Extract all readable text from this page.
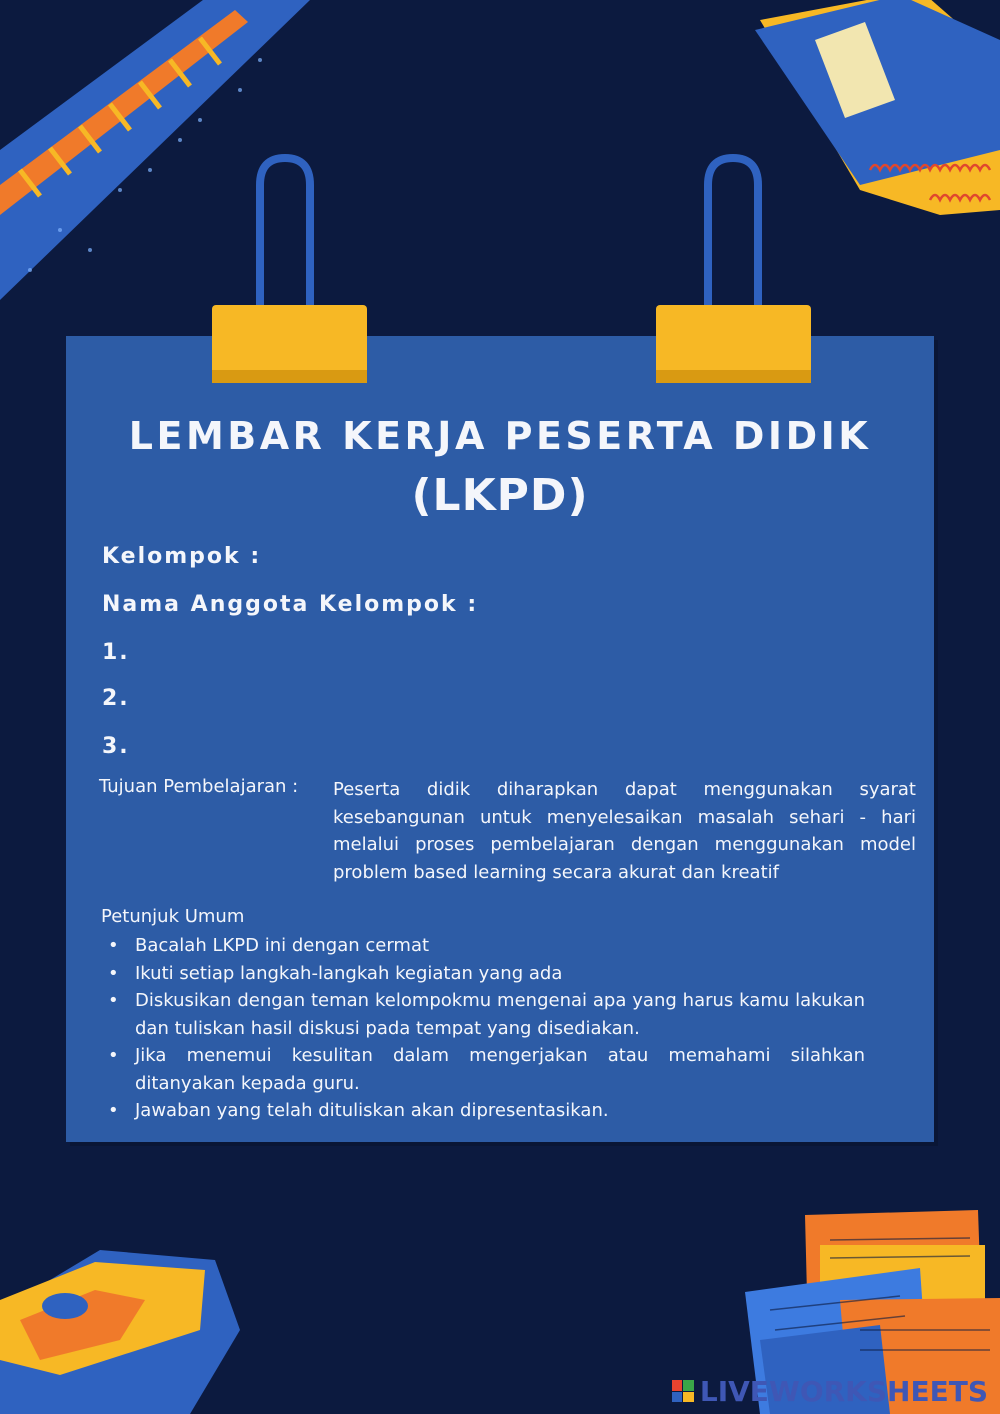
LEMBAR KERJA PESERTA DIDIK
(LKPD)
Kelompok :
Nama Anggota Kelompok :
1.
2.
3.
Tujuan Pembelajaran : Peserta didik diharapkan dapat menggunakan syarat kesebangunan untuk menyelesaikan masalah sehari - hari melalui proses pembelajaran dengan menggunakan model problem based learning secara akurat dan kreatif
Petunjuk Umum
• Bacalah LKPD ini dengan cermat
• Ikuti setiap langkah-langkah kegiatan yang ada
• Diskusikan dengan teman kelompokmu mengenai apa yang harus kamu lakukan dan tuliskan hasil diskusi pada tempat yang disediakan.
• Jika menemui kesulitan dalam mengerjakan atau memahami silahkan ditanyakan kepada guru.
• Jawaban yang telah dituliskan akan dipresentasikan.
LIVEWORKSHEETS
